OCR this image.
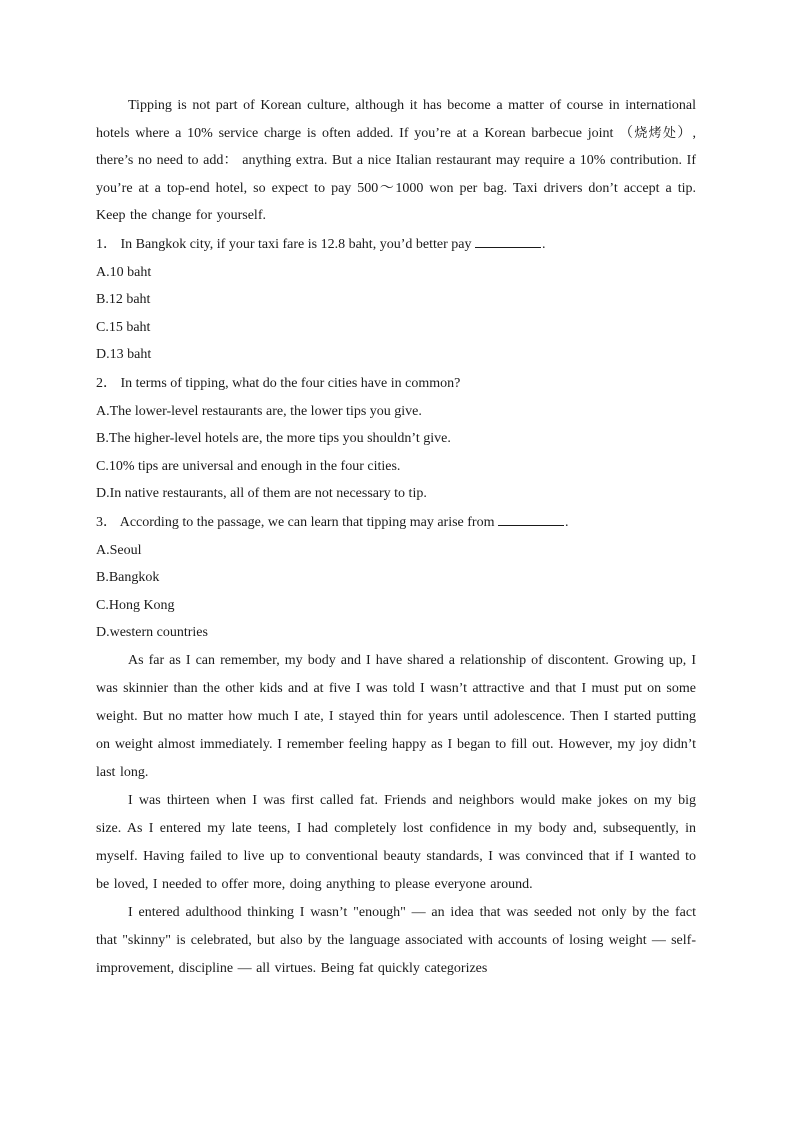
Tipping is not part of Korean culture, although it has become a matter of course in international hotels where a 10% service charge is often added. If you’re at a Korean barbecue joint （烧烤处）, there’s no need to add： anything extra. But a nice Italian restaurant may require a 10% contribution. If you’re at a top-end hotel, so expect to pay 500～1000 won per bag. Taxi drivers don’t accept a tip. Keep the change for yourself.

1． In Bangkok city, if your taxi fare is 12.8 baht, you’d better pay	.

A.10 baht

B.12 baht

C.15 baht

D.13 baht

2． In terms of tipping, what do the four cities have in common?

A.The lower-level restaurants are, the lower tips you give.

B.The higher-level hotels are, the more tips you shouldn’t give.

C.10% tips are universal and enough in the four cities.

D.In native restaurants, all of them are not necessary to tip.

3． According to the passage, we can learn that tipping may arise from	.

A.Seoul

B.Bangkok

C.Hong Kong

D.western countries

As far as I can remember, my body and I have shared a relationship of discontent. Growing up, I was skinnier than the other kids and at five I was told I wasn’t attractive and that I must put on some weight. But no matter how much I ate, I stayed thin for years until adolescence. Then I started putting on weight almost immediately. I remember feeling happy as I began to fill out. However, my joy didn’t last long.

I was thirteen when I was first called fat. Friends and neighbors would make jokes on my big size. As I entered my late teens, I had completely lost confidence in my body and, subsequently, in myself. Having failed to live up to conventional beauty standards, I was convinced that if I wanted to be loved, I needed to offer more, doing anything to please everyone around.

I entered adulthood thinking I wasn’t "enough" — an idea that was seeded not only by the fact that "skinny" is celebrated, but also by the language associated with accounts of losing weight — self-improvement, discipline — all virtues. Being fat quickly categorizes
